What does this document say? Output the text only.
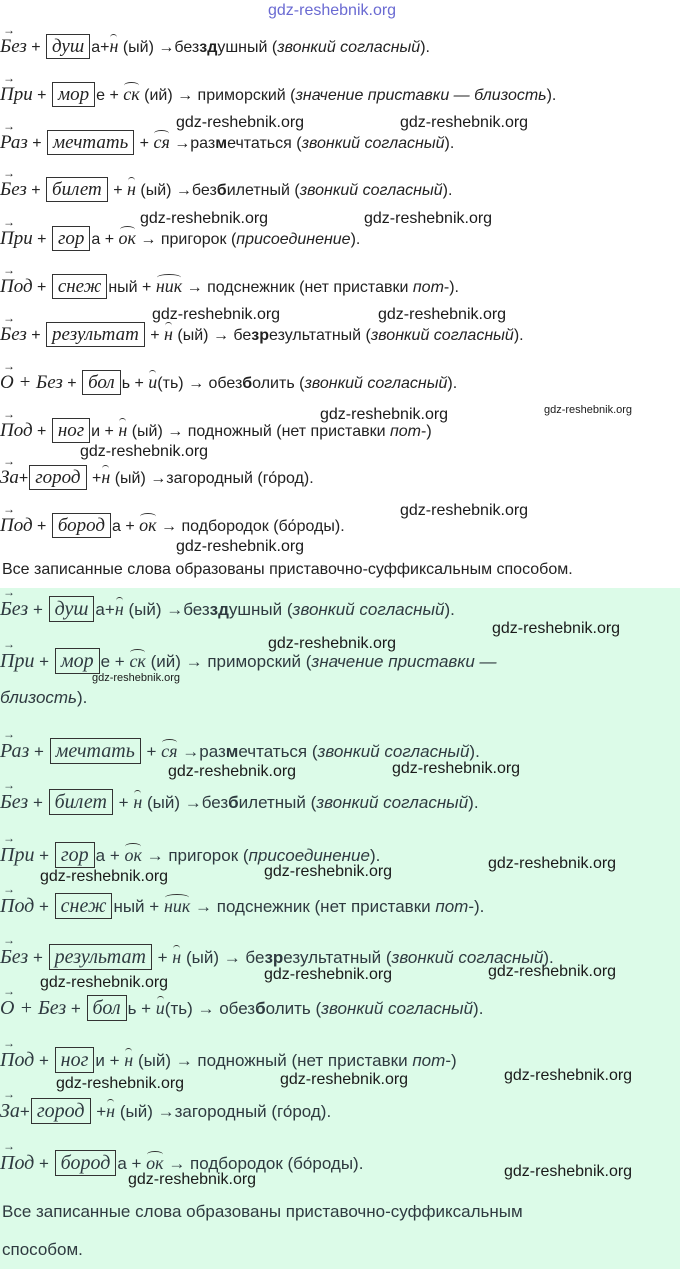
gdz-reshebnik.org
→ Без + душ а+н (ый) →безздушный (звонкий согласный).
→ При + мор е + ск (ий) → приморский (значение приставки — близость).
→ Раз + мечтать + ся →размечтаться (звонкий согласный).
→ Без + билет + н (ый) →безбилетный (звонкий согласный).
→ При + гор а + ок → пригорок (присоединение).
→ Под + снеж ный + ник → подснежник (нет приставки пот-).
→ Без + результат + н (ый) → безрезультатный (звонкий согласный).
→ О + Без + бол ь + и(ть) → обезболить (звонкий согласный).
→ Под + ног и + н (ый) → подножный (нет приставки пот-)
→ За+ город +н (ый) →загородный (го́род).
→ Под + бород а + ок → подбородок (бо́роды).
Все записанные слова образованы приставочно-суффиксальным способом.
gdz-reshebnik.org	gdz-reshebnik.org
gdz-reshebnik.org	gdz-reshebnik.org
gdz-reshebnik.org	gdz-reshebnik.org
gdz-reshebnik.org	gdz-reshebnik.org
gdz-reshebnik.org
gdz-reshebnik.org
gdz-reshebnik.org
→ Без + душ а+н (ый) →безздушный (звонкий согласный).
→ При + мор е + ск (ий) → приморский (значение приставки —
близость).
→ Раз + мечтать + ся →размечтаться (звонкий согласный).
→ Без + билет + н (ый) →безбилетный (звонкий согласный).
→ При + гор а + ок → пригорок (присоединение).
→ Под + снеж ный + ник → подснежник (нет приставки пот-).
→ Без + результат + н (ый) → безрезультатный (звонкий согласный).
→ О + Без + бол ь + и(ть) → обезболить (звонкий согласный).
→ Под + ног и + н (ый) → подножный (нет приставки пот-)
→ За+ город +н (ый) →загородный (го́род).
→ Под + бород а + ок → подбородок (бо́роды).
Все записанные слова образованы приставочно-суффиксальным
способом.
gdz-reshebnik.org
gdz-reshebnik.org
gdz-reshebnik.org
gdz-reshebnik.org	gdz-reshebnik.org
gdz-reshebnik.org
gdz-reshebnik.org	gdz-reshebnik.org
gdz-reshebnik.org	gdz-reshebnik.org	gdz-reshebnik.org
gdz-reshebnik.org	gdz-reshebnik.org	gdz-reshebnik.org
gdz-reshebnik.org
gdz-reshebnik.org
